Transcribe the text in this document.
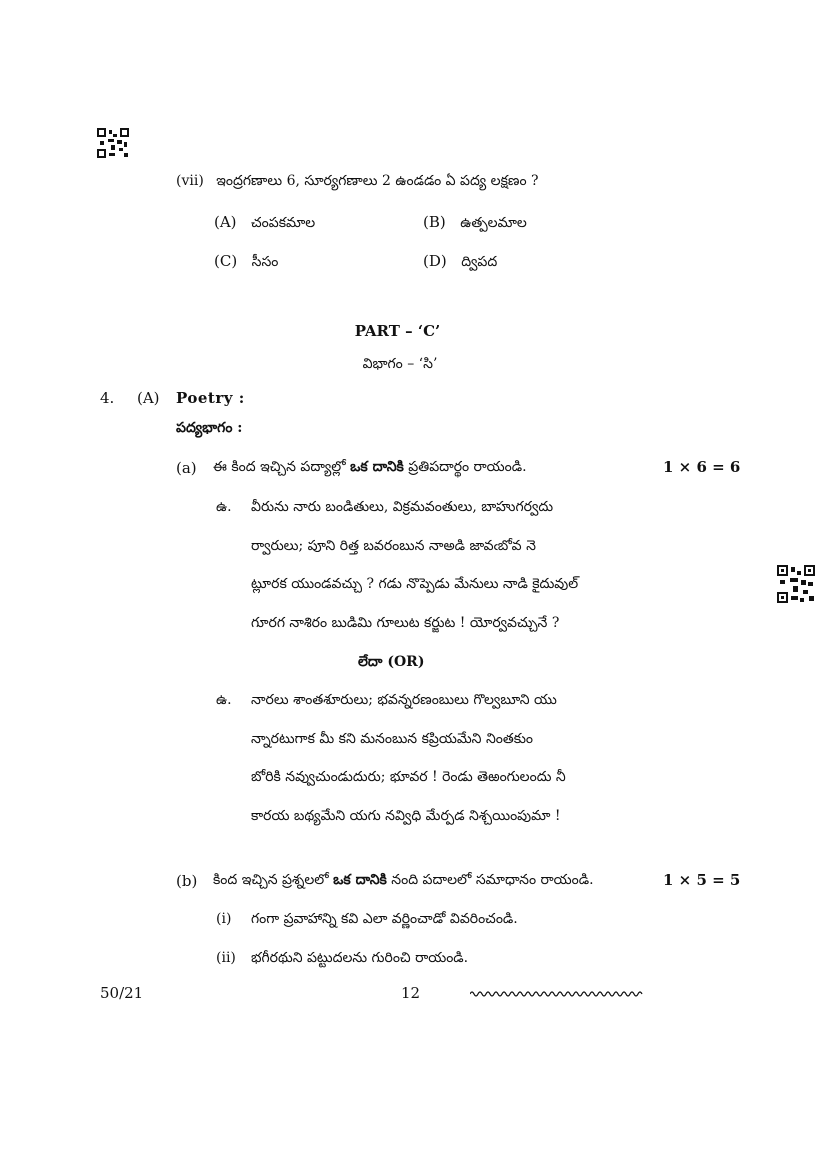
(vii) ఇంద్రగణాలు 6, సూర్యగణాలు 2 ఉండడం ఏ పద్య లక్షణం ?
(A) చంపకమాల	(B) ఉత్పలమాల
(C) సీసం	(D) ద్విపద
PART – ‘C’
విభాగం – ‘సి’
4. (A) Poetry :
పద్యభాగం :
(a) ఈ కింద ఇచ్చిన పద్యాల్లో ఒక దానికి ప్రతిపదార్థం రాయండి.	1 × 6 = 6
ఉ. వీరును నారు బండితులు, విక్రమవంతులు, బాహుగర్వదు
ర్వారులు; పూని రిత్త బవరంబున నాఅడి జావఁబోవ నె
ట్లూరక యుండవచ్చు ? గడు నొప్పెడు మేనులు నాడి కైదువుల్
గూరగ నాశిరం బుడిమి గూలుట కర్జుట ! యోర్వవచ్చునే ?
లేదా (OR)
ఉ. నారలు శాంతశూరులు; భవన్నరణంబులు గొల్వబూని యు
న్నారటుగాక మీ కని మనంబున కప్రియమేని నింతకుం
బోరికి నవ్వుచుండుదురు; భూవర ! రెండు తెఱంగులందు నీ
కారయ బథ్యమేని యగు నవ్విధి మేర్పడ నిశ్చయింపుమా !
(b) కింద ఇచ్చిన ప్రశ్నలలో ఒక దానికి నంది పదాలలో సమాధానం రాయండి.	1 × 5 = 5
(i) గంగా ప్రవాహాన్ని కవి ఎలా వర్ణించాడో వివరించండి.
(ii) భగీరథుని పట్టుదలను గురించి రాయండి.
50/21	12
